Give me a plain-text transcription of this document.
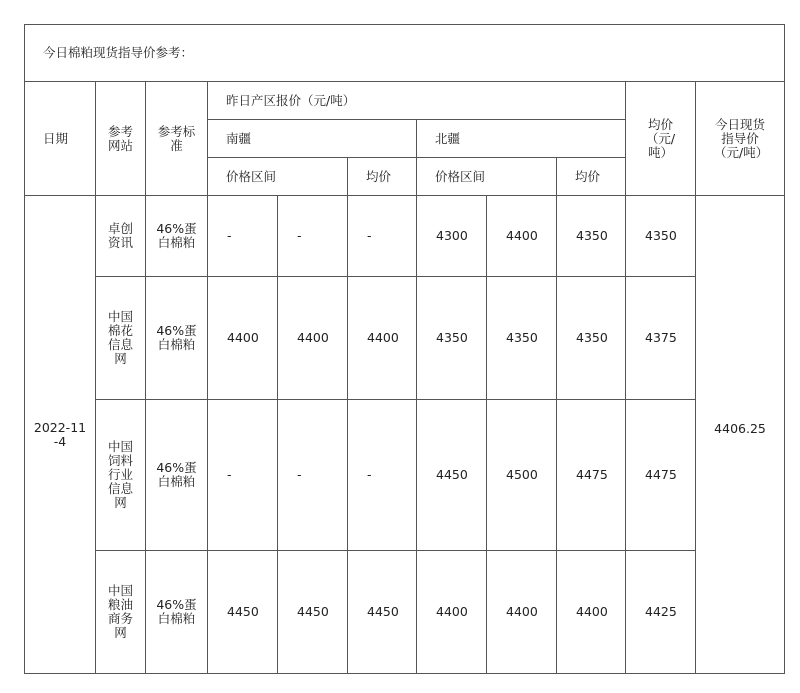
今日棉粕现货指导价参考：										
日期	参考网站	参考标准	昨日产区报价（元/吨）						均价（元/吨）	今日现货指导价（元/吨）
			南疆			北疆				
			价格区间		均价	价格区间		均价		
2022-11-4	卓创资讯	46%蛋白棉粕	-	-	-	4300	4400	4350	4350	4406.25
	中国棉花信息网	46%蛋白棉粕	4400	4400	4400	4350	4350	4350	4375	
	中国饲料行业信息网	46%蛋白棉粕	-	-	-	4450	4500	4475	4475	
	中国粮油商务网	46%蛋白棉粕	4450	4450	4450	4400	4400	4400	4425	
